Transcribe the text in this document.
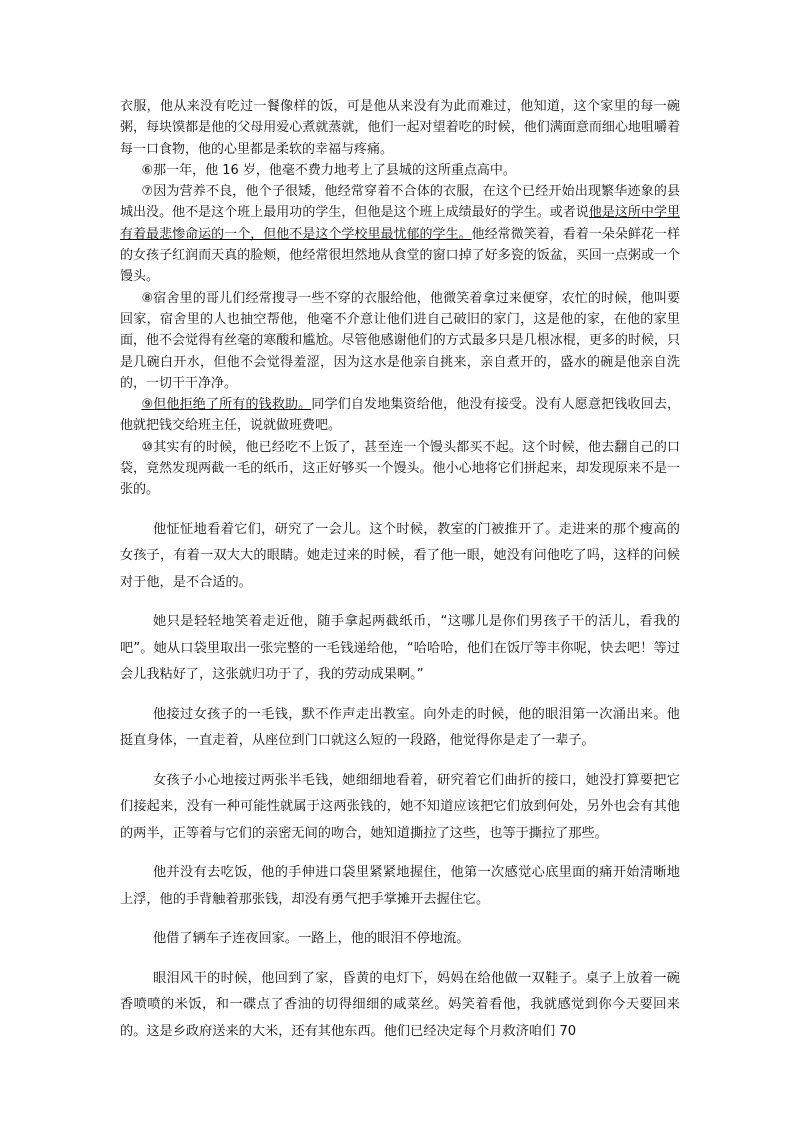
衣服，他从来没有吃过一餐像样的饭，可是他从来没有为此而难过，他知道，这个家里的每一碗粥，每块馍都是他的父母用爱心煮就蒸就，他们一起对望着吃的时候，他们满面意而细心地咀嚼着每一口食物，他的心里都是柔软的幸福与疼痛。

⑥那一年，他 16 岁，他毫不费力地考上了县城的这所重点高中。

⑦因为营养不良，他个子很矮，他经常穿着不合体的衣服，在这个已经开始出现繁华迹象的县城出没。他不是这个班上最用功的学生，但他是这个班上成绩最好的学生。或者说他是这所中学里有着最悲惨命运的一个，但他不是这个学校里最忧郁的学生。他经常微笑着，看着一朵朵鲜花一样的女孩子红润而天真的脸颊，他经常很坦然地从食堂的窗口掉了好多瓷的饭盆，买回一点粥或一个馒头。

⑧宿舍里的哥儿们经常搜寻一些不穿的衣服给他，他微笑着拿过来便穿，农忙的时候，他叫要回家，宿舍里的人也抽空帮他，他毫不介意让他们进自己破旧的家门，这是他的家，在他的家里面，他不会觉得有丝毫的寒酸和尴尬。尽管他感谢他们的方式最多只是几根冰棍，更多的时候，只是几碗白开水，但他不会觉得羞涩，因为这水是他亲自挑来，亲自煮开的，盛水的碗是他亲自洗的，一切干干净净。

⑨但他拒绝了所有的钱救助。同学们自发地集资给他，他没有接受。没有人愿意把钱收回去，他就把钱交给班主任，说就做班费吧。

⑩其实有的时候，他已经吃不上饭了，甚至连一个馒头都买不起。这个时候，他去翻自己的口袋，竟然发现两截一毛的纸币，这正好够买一个馒头。他小心地将它们拼起来，却发现原来不是一张的。

他怔怔地看着它们，研究了一会儿。这个时候，教室的门被推开了。走进来的那个瘦高的女孩子，有着一双大大的眼睛。她走过来的时候，看了他一眼，她没有问他吃了吗，这样的问候对于他，是不合适的。

她只是轻轻地笑着走近他，随手拿起两截纸币，“这哪儿是你们男孩子干的活儿，看我的吧”。她从口袋里取出一张完整的一毛钱递给他，“哈哈哈，他们在饭厅等丰你呢，快去吧！等过会儿我粘好了，这张就归功于了，我的劳动成果啊。”

他接过女孩子的一毛钱，默不作声走出教室。向外走的时候，他的眼泪第一次涌出来。他挺直身体，一直走着，从座位到门口就这么短的一段路，他觉得你是走了一辈子。

女孩子小心地接过两张半毛钱，她细细地看着，研究着它们曲折的接口，她没打算要把它们接起来，没有一种可能性就属于这两张钱的，她不知道应该把它们放到何处，另外也会有其他的两半，正等着与它们的亲密无间的吻合，她知道撕拉了这些，也等于撕拉了那些。

他并没有去吃饭，他的手伸进口袋里紧紧地握住，他第一次感觉心底里面的痛开始清晰地上浮，他的手背触着那张钱，却没有勇气把手掌摊开去握住它。

他借了辆车子连夜回家。一路上，他的眼泪不停地流。

眼泪风干的时候，他回到了家，昏黄的电灯下，妈妈在给他做一双鞋子。桌子上放着一碗香喷喷的米饭，和一碟点了香油的切得细细的咸菜丝。妈笑着看他，我就感觉到你今天要回来的。这是乡政府送来的大米，还有其他东西。他们已经决定每个月救济咱们 70
